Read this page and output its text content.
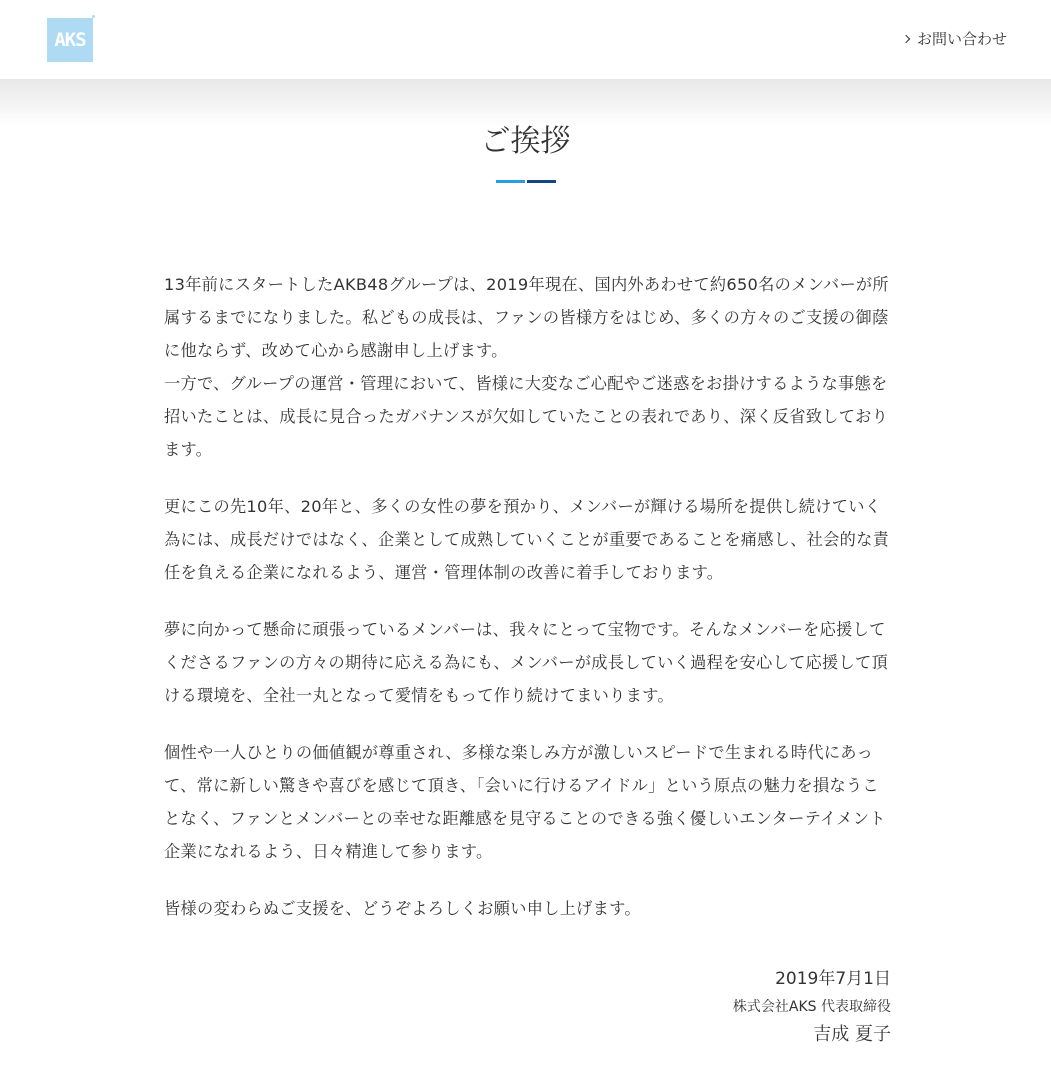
AKS	お問い合わせ
ご挨拶

13年前にスタートしたAKB48グループは、2019年現在、国内外あわせて約650名のメンバーが所属するまでになりました。私どもの成長は、ファンの皆様方をはじめ、多くの方々のご支援の御蔭に他ならず、改めて心から感謝申し上げます。
一方で、グループの運営・管理において、皆様に大変なご心配やご迷惑をお掛けするような事態を招いたことは、成長に見合ったガバナンスが欠如していたことの表れであり、深く反省致しております。

更にこの先10年、20年と、多くの女性の夢を預かり、メンバーが輝ける場所を提供し続けていく為には、成長だけではなく、企業として成熟していくことが重要であることを痛感し、社会的な責任を負える企業になれるよう、運営・管理体制の改善に着手しております。

夢に向かって懸命に頑張っているメンバーは、我々にとって宝物です。そんなメンバーを応援してくださるファンの方々の期待に応える為にも、メンバーが成長していく過程を安心して応援して頂ける環境を、全社一丸となって愛情をもって作り続けてまいります。

個性や一人ひとりの価値観が尊重され、多様な楽しみ方が激しいスピードで生まれる時代にあって、常に新しい驚きや喜びを感じて頂き、「会いに行けるアイドル」という原点の魅力を損なうことなく、ファンとメンバーとの幸せな距離感を見守ることのできる強く優しいエンターテイメント企業になれるよう、日々精進して参ります。

皆様の変わらぬご支援を、どうぞよろしくお願い申し上げます。

2019年7月1日
株式会社AKS 代表取締役
吉成 夏子
